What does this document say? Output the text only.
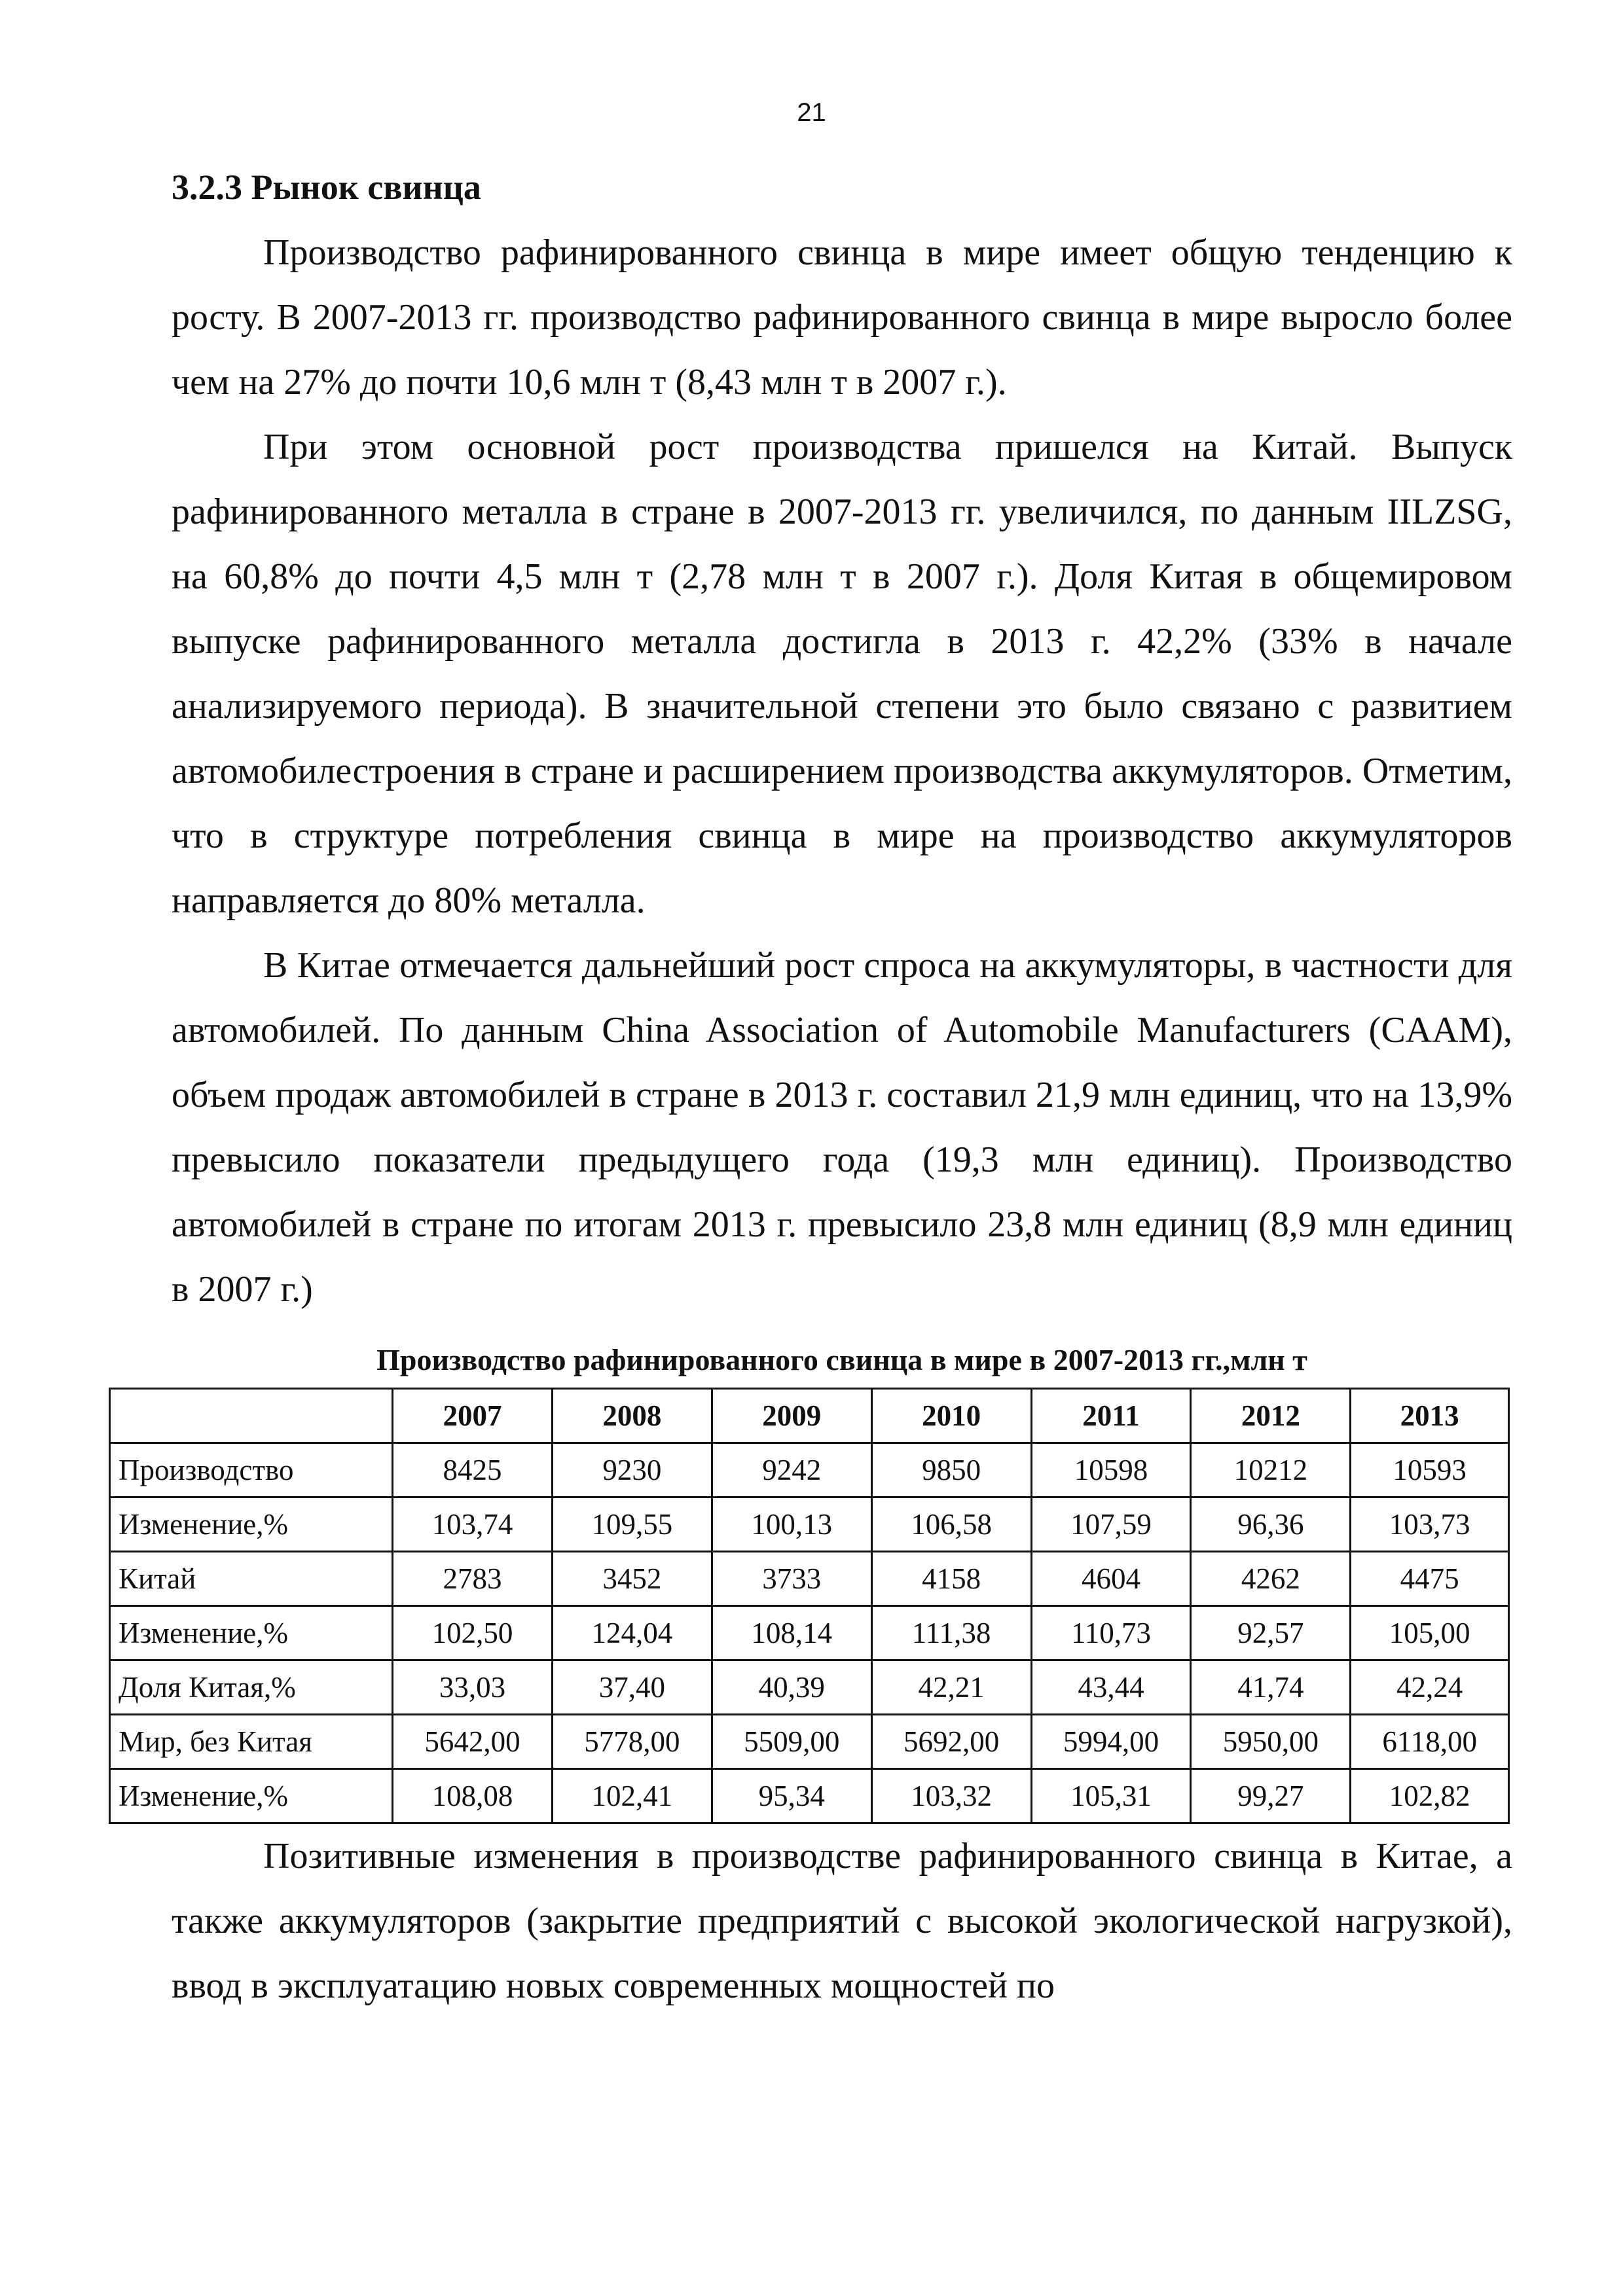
21
3.2.3 Рынок свинца

Производство рафинированного свинца в мире имеет общую тенденцию к росту. В 2007-2013 гг. производство рафинированного свинца в мире выросло более чем на 27% до почти 10,6 млн т (8,43 млн т в 2007 г.).

При этом основной рост производства пришелся на Китай. Выпуск рафинированного металла в стране в 2007-2013 гг. увеличился, по данным IILZSG, на 60,8% до почти 4,5 млн т (2,78 млн т в 2007 г.). Доля Китая в общемировом выпуске рафинированного металла достигла в 2013 г. 42,2% (33% в начале анализируемого периода). В значительной степени это было связано с развитием автомобилестроения в стране и расширением производства аккумуляторов. Отметим, что в структуре потребления свинца в мире на производство аккумуляторов направляется до 80% металла.

В Китае отмечается дальнейший рост спроса на аккумуляторы, в частности для автомобилей. По данным China Association of Automobile Manufacturers (CAAM), объем продаж автомобилей в стране в 2013 г. составил 21,9 млн единиц, что на 13,9% превысило показатели предыдущего года (19,3 млн единиц). Производство автомобилей в стране по итогам 2013 г. превысило 23,8 млн единиц (8,9 млн единиц в 2007 г.)

Производство рафинированного свинца в мире в 2007-2013 гг.,млн т
	2007	2008	2009	2010	2011	2012	2013
Производство	8425	9230	9242	9850	10598	10212	10593
Изменение,%	103,74	109,55	100,13	106,58	107,59	96,36	103,73
Китай	2783	3452	3733	4158	4604	4262	4475
Изменение,%	102,50	124,04	108,14	111,38	110,73	92,57	105,00
Доля Китая,%	33,03	37,40	40,39	42,21	43,44	41,74	42,24
Мир, без Китая	5642,00	5778,00	5509,00	5692,00	5994,00	5950,00	6118,00
Изменение,%	108,08	102,41	95,34	103,32	105,31	99,27	102,82

Позитивные изменения в производстве рафинированного свинца в Китае, а также аккумуляторов (закрытие предприятий с высокой экологической нагрузкой), ввод в эксплуатацию новых современных мощностей по
